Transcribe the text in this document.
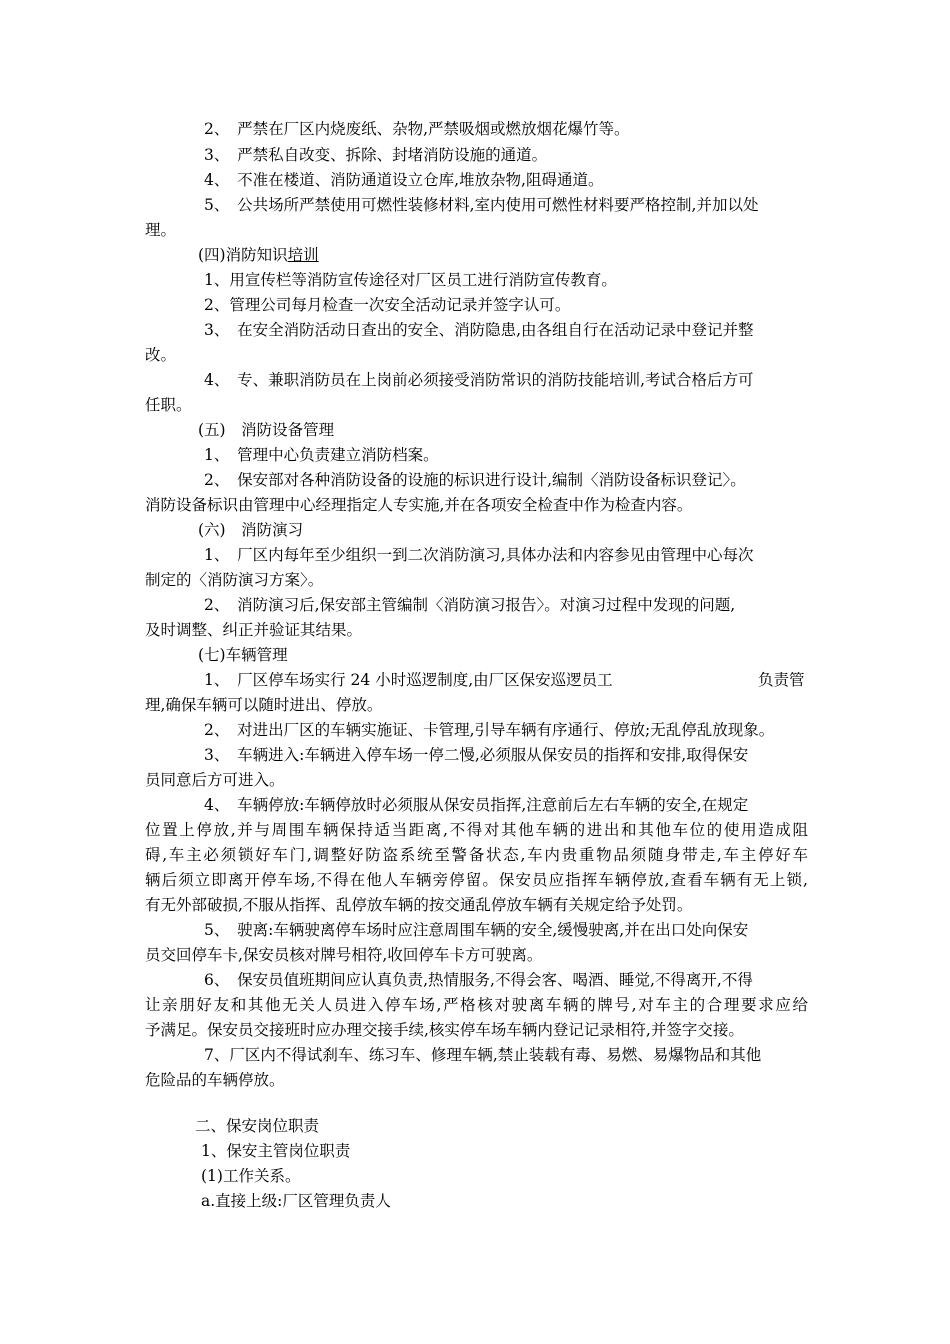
2、　严禁在厂区内烧废纸、杂物,严禁吸烟或燃放烟花爆竹等。

3、　严禁私自改变、拆除、封堵消防设施的通道。

4、　不准在楼道、消防通道设立仓库,堆放杂物,阻碍通道。

5、　公共场所严禁使用可燃性装修材料,室内使用可燃性材料要严格控制,并加以处

理。

(四)消防知识培训

1、用宣传栏等消防宣传途径对厂区员工进行消防宣传教育。

2、管理公司每月检查一次安全活动记录并签字认可。

3、　在安全消防活动日查出的安全、消防隐患,由各组自行在活动记录中登记并整

改。

4、　专、兼职消防员在上岗前必须接受消防常识的消防技能培训,考试合格后方可

任职。

(五)　消防设备管理

1、　管理中心负责建立消防档案。

2、　保安部对各种消防设备的设施的标识进行设计,编制〈消防设备标识登记〉。

消防设备标识由管理中心经理指定人专实施,并在各项安全检查中作为检查内容。

(六)　消防演习

1、　厂区内每年至少组织一到二次消防演习,具体办法和内容参见由管理中心每次

制定的〈消防演习方案〉。

2、　消防演习后,保安部主管编制〈消防演习报告〉。对演习过程中发现的问题,

及时调整、纠正并验证其结果。

(七)车辆管理

1、　厂区停车场实行 24 小时巡逻制度,由厂区保安巡逻员工	负责管

理,确保车辆可以随时进出、停放。

2、　对进出厂区的车辆实施证、卡管理,引导车辆有序通行、停放;无乱停乱放现象。

3、　车辆进入:车辆进入停车场一停二慢,必须服从保安员的指挥和安排,取得保安

员同意后方可进入。

4、　车辆停放:车辆停放时必须服从保安员指挥,注意前后左右车辆的安全,在规定

位置上停放,并与周围车辆保持适当距离,不得对其他车辆的进出和其他车位的使用造成阻

碍,车主必须锁好车门,调整好防盗系统至警备状态,车内贵重物品须随身带走,车主停好车

辆后须立即离开停车场,不得在他人车辆旁停留。保安员应指挥车辆停放,查看车辆有无上锁,

有无外部破损,不服从指挥、乱停放车辆的按交通乱停放车辆有关规定给予处罚。

5、　驶离:车辆驶离停车场时应注意周围车辆的安全,缓慢驶离,并在出口处向保安

员交回停车卡,保安员核对牌号相符,收回停车卡方可驶离。

6、　保安员值班期间应认真负责,热情服务,不得会客、喝酒、睡觉,不得离开,不得

让亲朋好友和其他无关人员进入停车场,严格核对驶离车辆的牌号,对车主的合理要求应给

予满足。保安员交接班时应办理交接手续,核实停车场车辆内登记记录相符,并签字交接。

7、厂区内不得试刹车、练习车、修理车辆,禁止装载有毒、易燃、易爆物品和其他

危险品的车辆停放。

二、保安岗位职责

1、保安主管岗位职责

(1)工作关系。

a.直接上级:厂区管理负责人
